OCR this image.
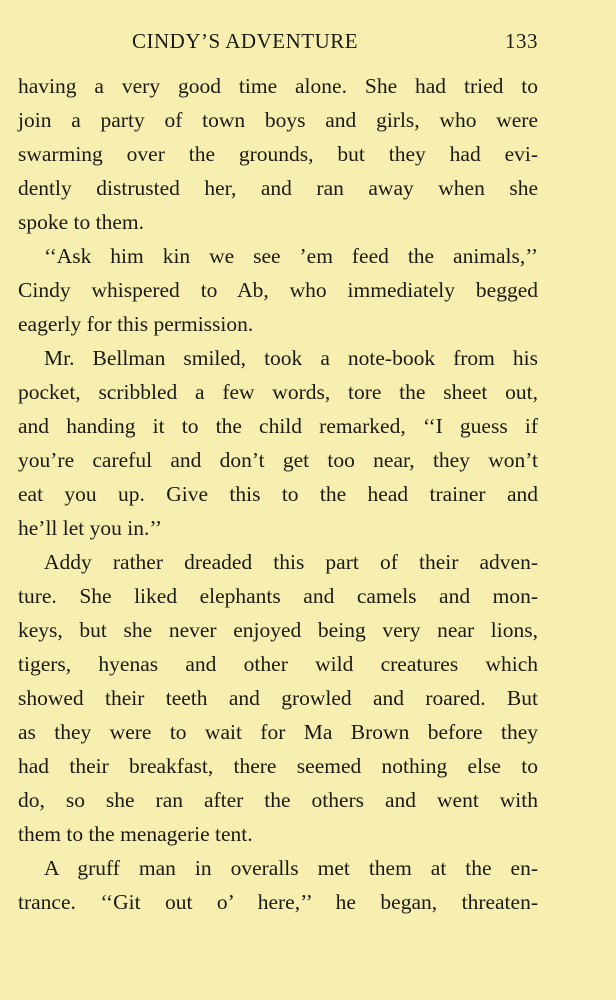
CINDY’S ADVENTURE	133
having a very good time alone. She had tried to
join a party of town boys and girls, who were
swarming over the grounds, but they had evi-
dently distrusted her, and ran away when she
spoke to them.
‘‘Ask him kin we see ’em feed the animals,’’
Cindy whispered to Ab, who immediately begged
eagerly for this permission.
Mr. Bellman smiled, took a note-book from his
pocket, scribbled a few words, tore the sheet out,
and handing it to the child remarked, ‘‘I guess if
you’re careful and don’t get too near, they won’t
eat you up. Give this to the head trainer and
he’ll let you in.’’
Addy rather dreaded this part of their adven-
ture. She liked elephants and camels and mon-
keys, but she never enjoyed being very near lions,
tigers, hyenas and other wild creatures which
showed their teeth and growled and roared. But
as they were to wait for Ma Brown before they
had their breakfast, there seemed nothing else to
do, so she ran after the others and went with
them to the menagerie tent.
A gruff man in overalls met them at the en-
trance. ‘‘Git out o’ here,’’ he began, threaten-
